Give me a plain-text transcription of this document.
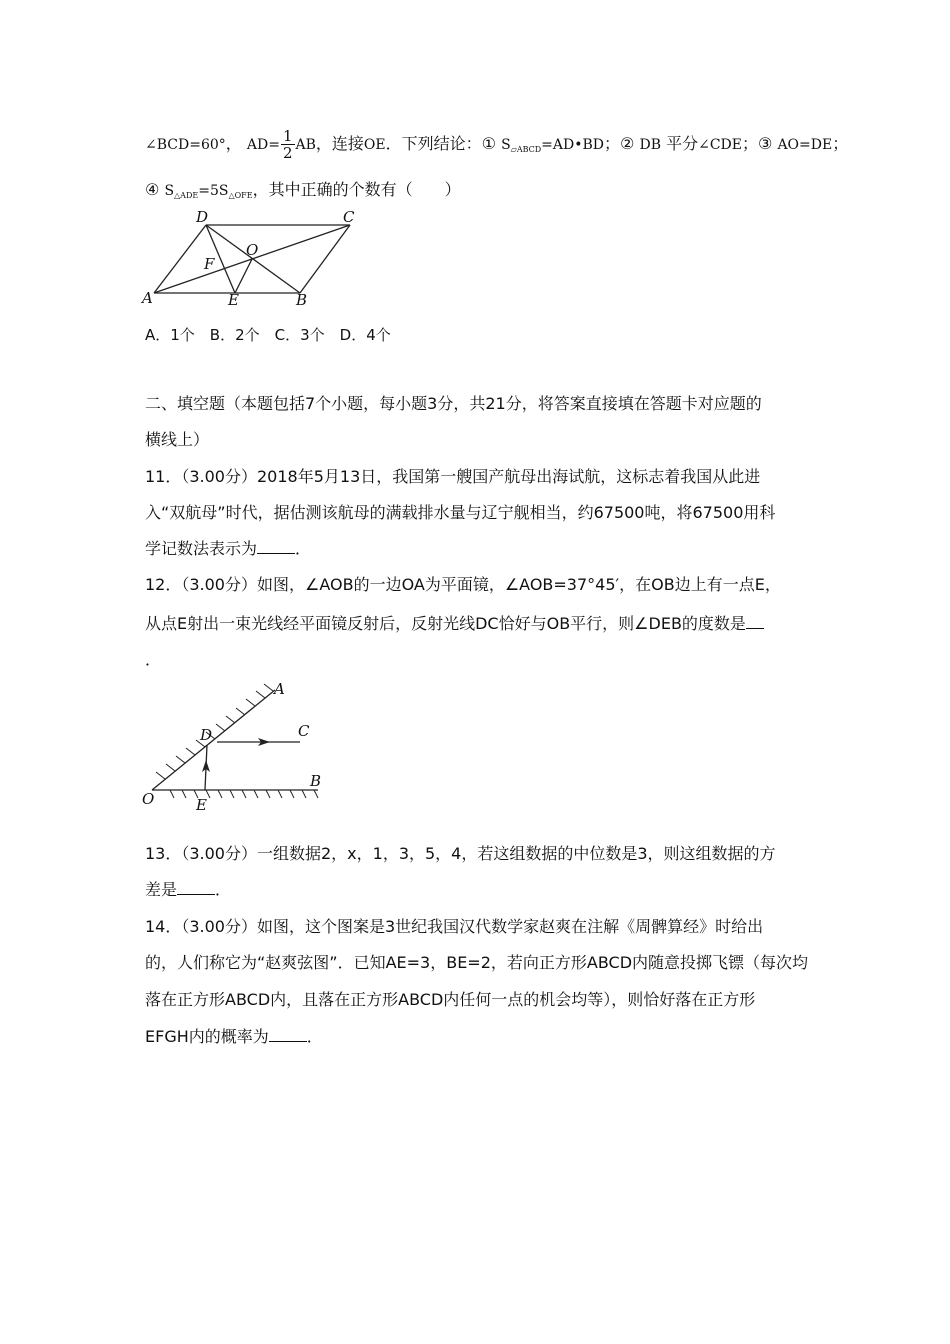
∠BCD=60°， $AD= \frac{1}{2}$ AB，连接OE．下列结论：① $S_{▱ABCD}=AD•BD$；② DB 平分∠CDE；③ AO=DE；
④ $S_{\triangle ADE}=5S_{\triangle OFE}$，其中正确的个数有（　　）
D	C
O
F
A	E	B
A．1个　B．2个　C．3个　D．4个
二、填空题（本题包括7个小题，每小题3分，共21分，将答案直接填在答题卡对应题的
横线上）
11．（3.00分）2018年5月13日，我国第一艘国产航母出海试航，这标志着我国从此进
入“双航母”时代，据估测该航母的满载排水量与辽宁舰相当，约67500吨，将67500用科
学记数法表示为 ．
12．（3.00分）如图，∠AOB的一边OA为平面镜，∠AOB=37°45′，在OB边上有一点E，
从点E射出一束光线经平面镜反射后，反射光线DC恰好与OB平行，则∠DEB的度数是
．
A
D	C
O	E
B
13．（3.00分）一组数据2，x，1，3，5，4，若这组数据的中位数是3，则这组数据的方
差是 ．
14．（3.00分）如图，这个图案是3世纪我国汉代数学家赵爽在注解《周髀算经》时给出
的，人们称它为“赵爽弦图”．已知AE=3，BE=2，若向正方形ABCD内随意投掷飞镖（每次均
落在正方形ABCD内，且落在正方形ABCD内任何一点的机会均等），则恰好落在正方形
EFGH内的概率为 ．
